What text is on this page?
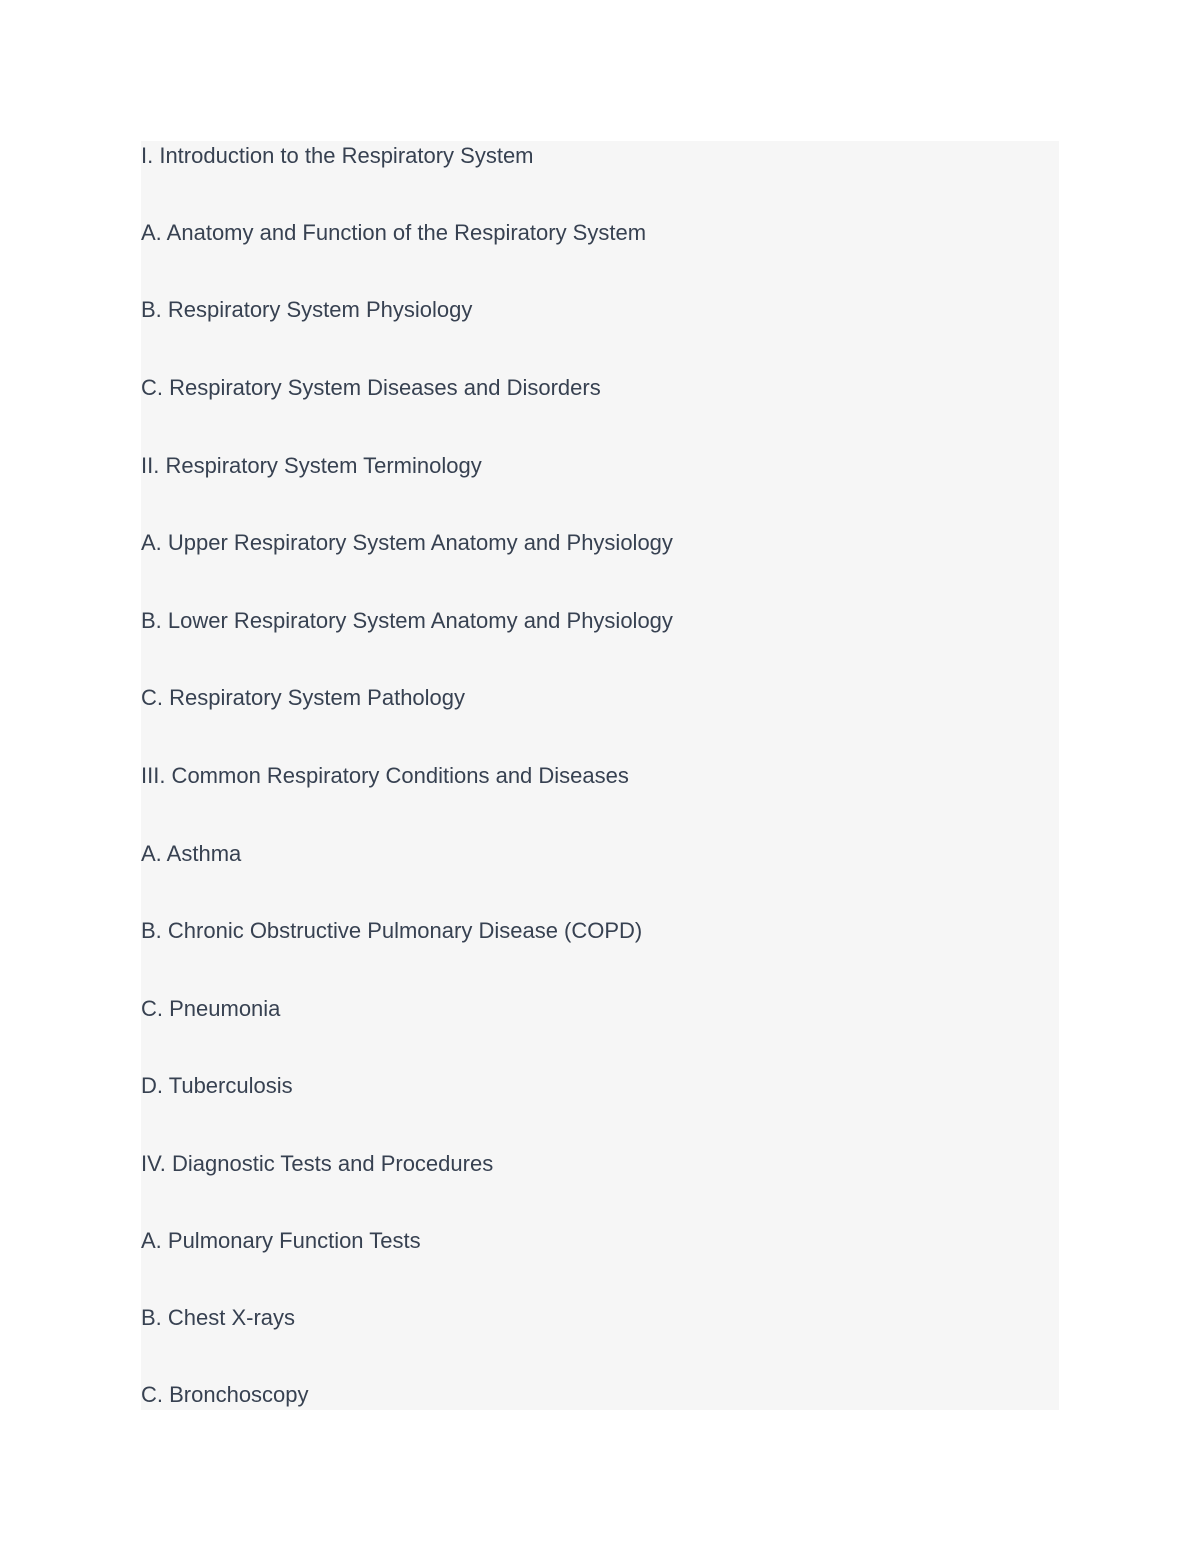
I. Introduction to the Respiratory System
A. Anatomy and Function of the Respiratory System
B. Respiratory System Physiology
C. Respiratory System Diseases and Disorders
II. Respiratory System Terminology
A. Upper Respiratory System Anatomy and Physiology
B. Lower Respiratory System Anatomy and Physiology
C. Respiratory System Pathology
III. Common Respiratory Conditions and Diseases
A. Asthma
B. Chronic Obstructive Pulmonary Disease (COPD)
C. Pneumonia
D. Tuberculosis
IV. Diagnostic Tests and Procedures
A. Pulmonary Function Tests
B. Chest X-rays
C. Bronchoscopy
